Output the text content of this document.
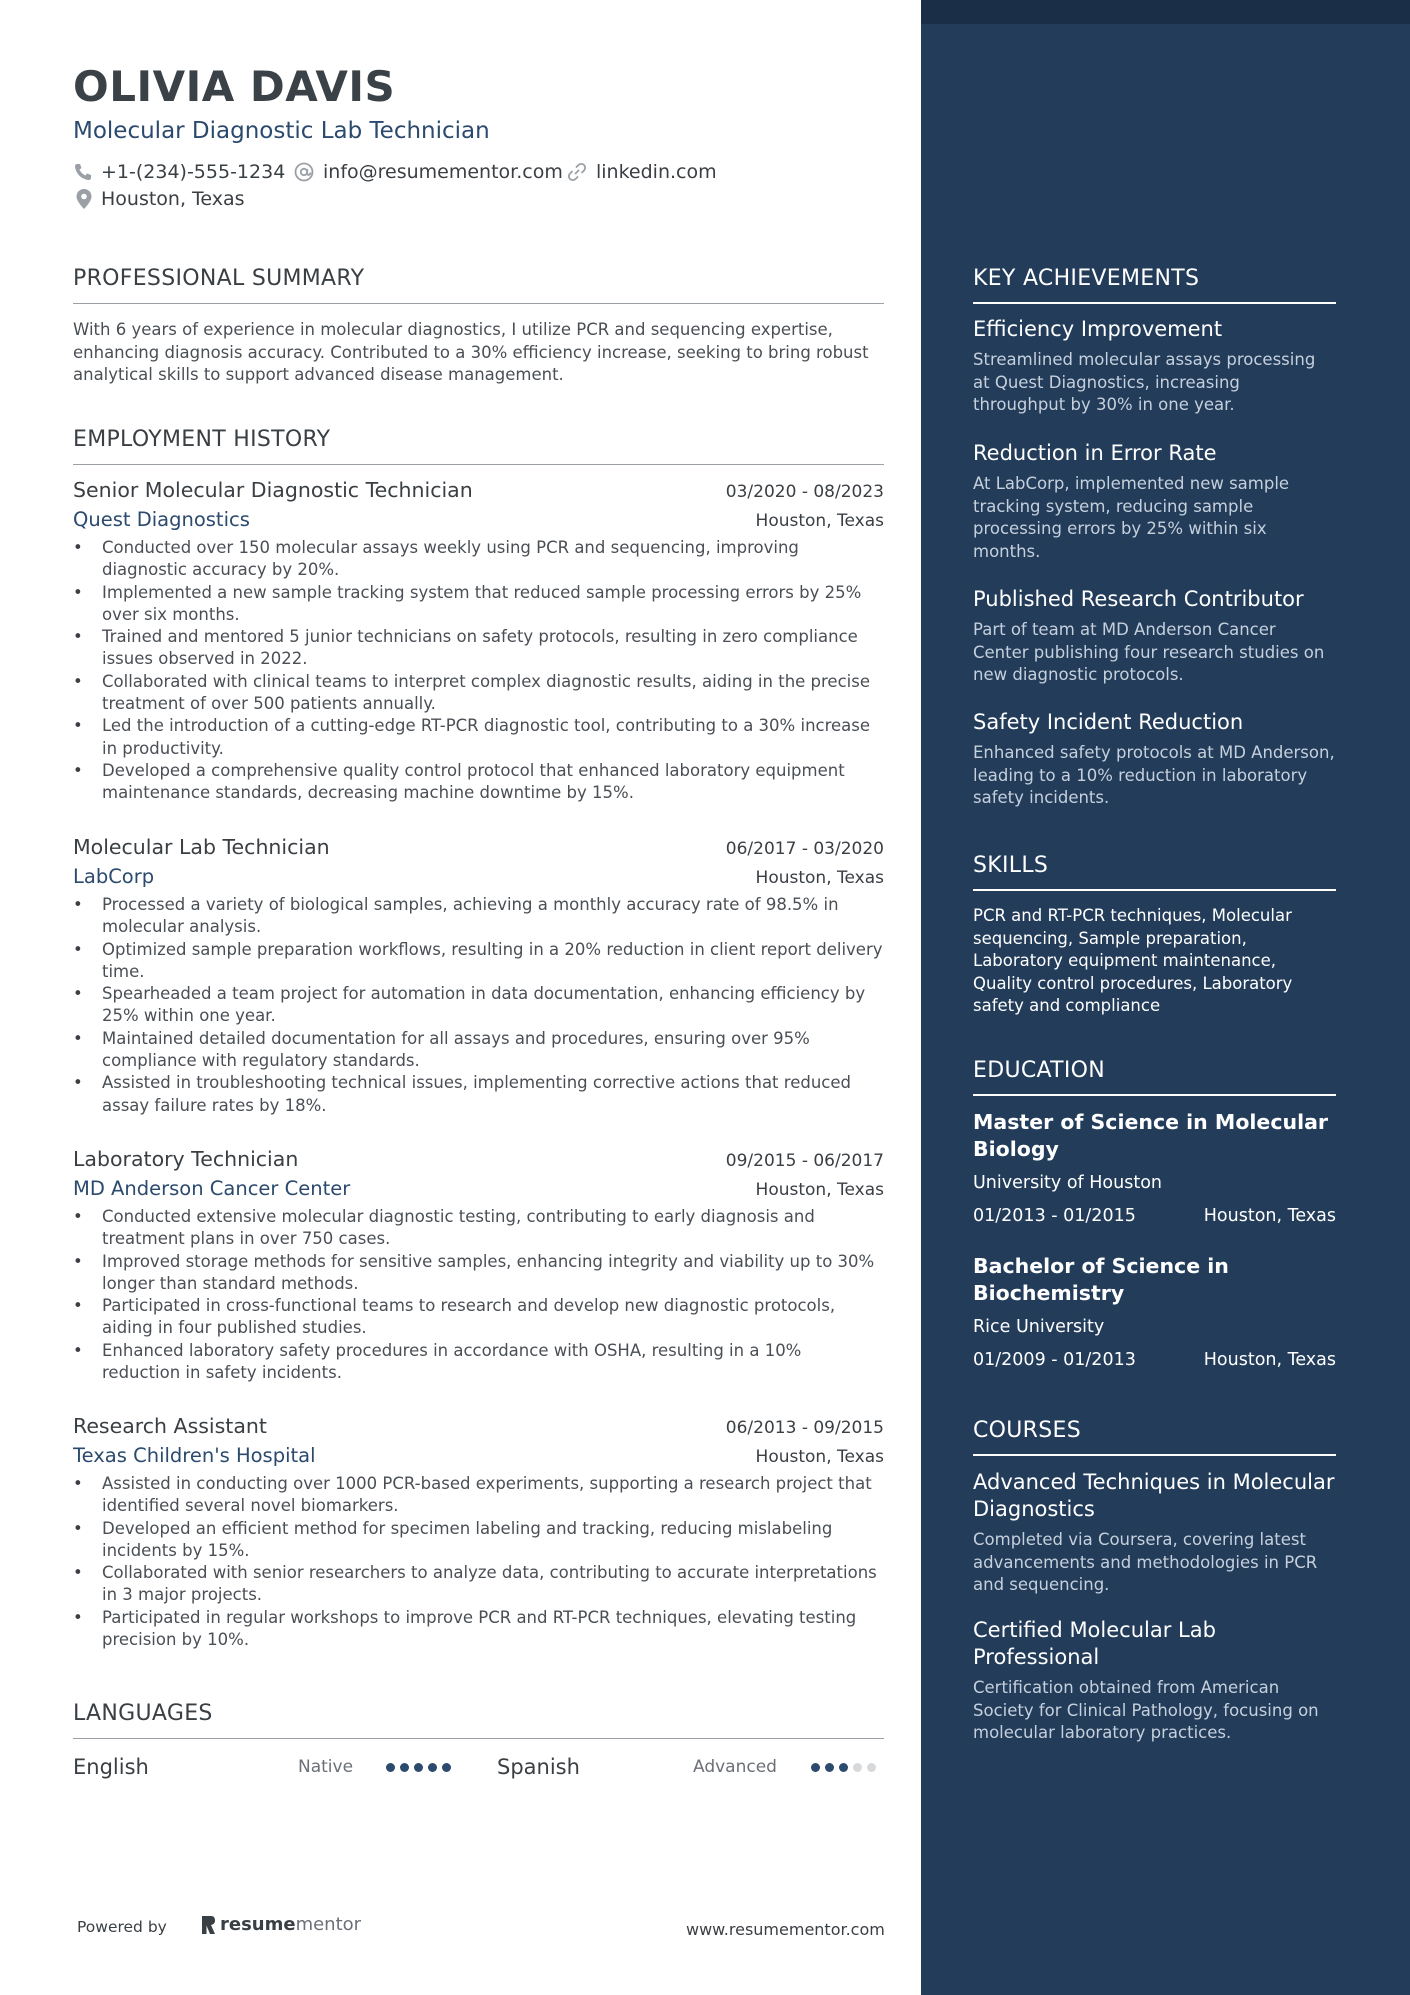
OLIVIA DAVIS
Molecular Diagnostic Lab Technician
+1-(234)-555-1234 info@resumementor.com linkedin.com
Houston, Texas
PROFESSIONAL SUMMARY
With 6 years of experience in molecular diagnostics, I utilize PCR and sequencing expertise, enhancing diagnosis accuracy. Contributed to a 30% efficiency increase, seeking to bring robust analytical skills to support advanced disease management.
EMPLOYMENT HISTORY
Senior Molecular Diagnostic Technician	03/2020 - 08/2023
Quest Diagnostics	Houston, Texas
• Conducted over 150 molecular assays weekly using PCR and sequencing, improving diagnostic accuracy by 20%.
• Implemented a new sample tracking system that reduced sample processing errors by 25% over six months.
• Trained and mentored 5 junior technicians on safety protocols, resulting in zero compliance issues observed in 2022.
• Collaborated with clinical teams to interpret complex diagnostic results, aiding in the precise treatment of over 500 patients annually.
• Led the introduction of a cutting-edge RT-PCR diagnostic tool, contributing to a 30% increase in productivity.
• Developed a comprehensive quality control protocol that enhanced laboratory equipment maintenance standards, decreasing machine downtime by 15%.
Molecular Lab Technician	06/2017 - 03/2020
LabCorp	Houston, Texas
• Processed a variety of biological samples, achieving a monthly accuracy rate of 98.5% in molecular analysis.
• Optimized sample preparation workflows, resulting in a 20% reduction in client report delivery time.
• Spearheaded a team project for automation in data documentation, enhancing efficiency by 25% within one year.
• Maintained detailed documentation for all assays and procedures, ensuring over 95% compliance with regulatory standards.
• Assisted in troubleshooting technical issues, implementing corrective actions that reduced assay failure rates by 18%.
Laboratory Technician	09/2015 - 06/2017
MD Anderson Cancer Center	Houston, Texas
• Conducted extensive molecular diagnostic testing, contributing to early diagnosis and treatment plans in over 750 cases.
• Improved storage methods for sensitive samples, enhancing integrity and viability up to 30% longer than standard methods.
• Participated in cross-functional teams to research and develop new diagnostic protocols, aiding in four published studies.
• Enhanced laboratory safety procedures in accordance with OSHA, resulting in a 10% reduction in safety incidents.
Research Assistant	06/2013 - 09/2015
Texas Children's Hospital	Houston, Texas
• Assisted in conducting over 1000 PCR-based experiments, supporting a research project that identified several novel biomarkers.
• Developed an efficient method for specimen labeling and tracking, reducing mislabeling incidents by 15%.
• Collaborated with senior researchers to analyze data, contributing to accurate interpretations in 3 major projects.
• Participated in regular workshops to improve PCR and RT-PCR techniques, elevating testing precision by 10%.
LANGUAGES
English	Native	Spanish	Advanced
Powered by	resume mentor	www.resumementor.com
KEY ACHIEVEMENTS
Efficiency Improvement
Streamlined molecular assays processing at Quest Diagnostics, increasing throughput by 30% in one year.
Reduction in Error Rate
At LabCorp, implemented new sample tracking system, reducing sample processing errors by 25% within six months.
Published Research Contributor
Part of team at MD Anderson Cancer Center publishing four research studies on new diagnostic protocols.
Safety Incident Reduction
Enhanced safety protocols at MD Anderson, leading to a 10% reduction in laboratory safety incidents.
SKILLS
PCR and RT-PCR techniques, Molecular sequencing, Sample preparation, Laboratory equipment maintenance, Quality control procedures, Laboratory safety and compliance
EDUCATION
Master of Science in Molecular Biology
University of Houston
01/2013 - 01/2015	Houston, Texas
Bachelor of Science in Biochemistry
Rice University
01/2009 - 01/2013	Houston, Texas
COURSES
Advanced Techniques in Molecular Diagnostics
Completed via Coursera, covering latest advancements and methodologies in PCR and sequencing.
Certified Molecular Lab Professional
Certification obtained from American Society for Clinical Pathology, focusing on molecular laboratory practices.
